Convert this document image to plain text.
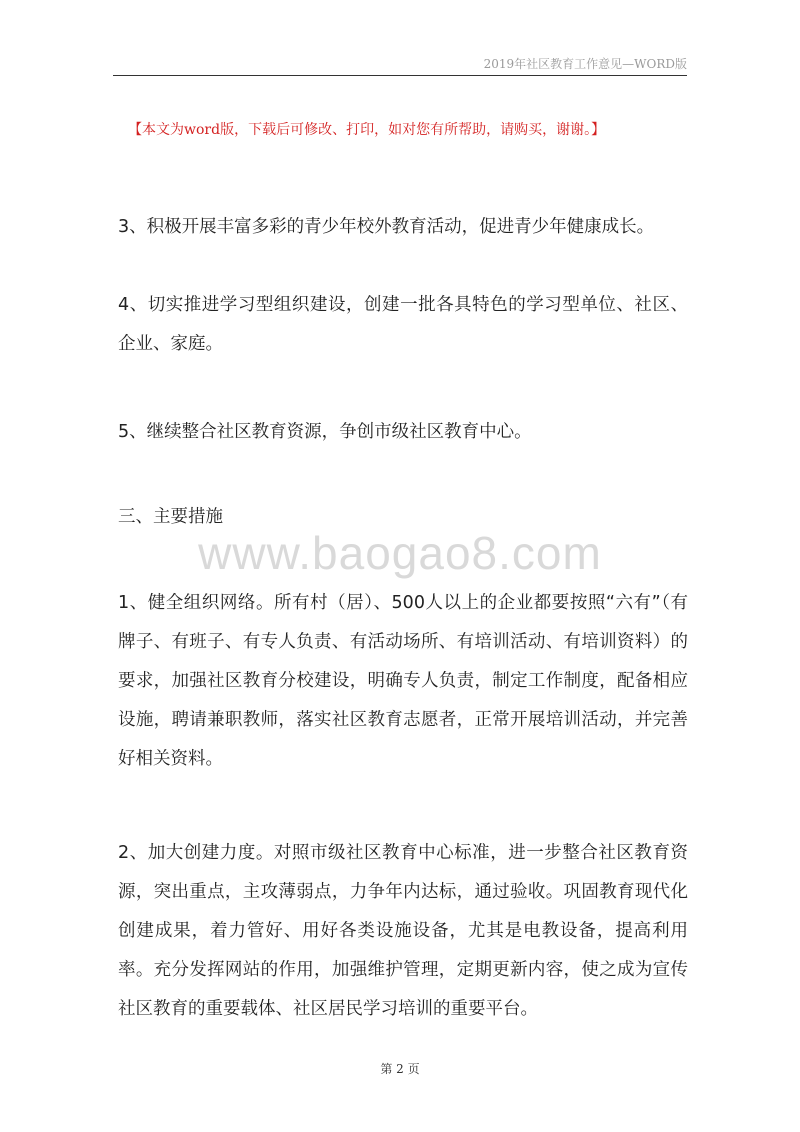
2019年社区教育工作意见—WORD版
【本文为word版，下载后可修改、打印，如对您有所帮助，请购买，谢谢。】
3、积极开展丰富多彩的青少年校外教育活动，促进青少年健康成长。
4、切实推进学习型组织建设，创建一批各具特色的学习型单位、社区、企业、家庭。
5、继续整合社区教育资源，争创市级社区教育中心。
三、主要措施
www.baogao8.com
1、健全组织网络。所有村（居）、500人以上的企业都要按照“六有”（有牌子、有班子、有专人负责、有活动场所、有培训活动、有培训资料）的要求，加强社区教育分校建设，明确专人负责，制定工作制度，配备相应设施，聘请兼职教师，落实社区教育志愿者，正常开展培训活动，并完善好相关资料。
2、加大创建力度。对照市级社区教育中心标准，进一步整合社区教育资源，突出重点，主攻薄弱点，力争年内达标，通过验收。巩固教育现代化创建成果，着力管好、用好各类设施设备，尤其是电教设备，提高利用率。充分发挥网站的作用，加强维护管理，定期更新内容，使之成为宣传社区教育的重要载体、社区居民学习培训的重要平台。
第 2 页
